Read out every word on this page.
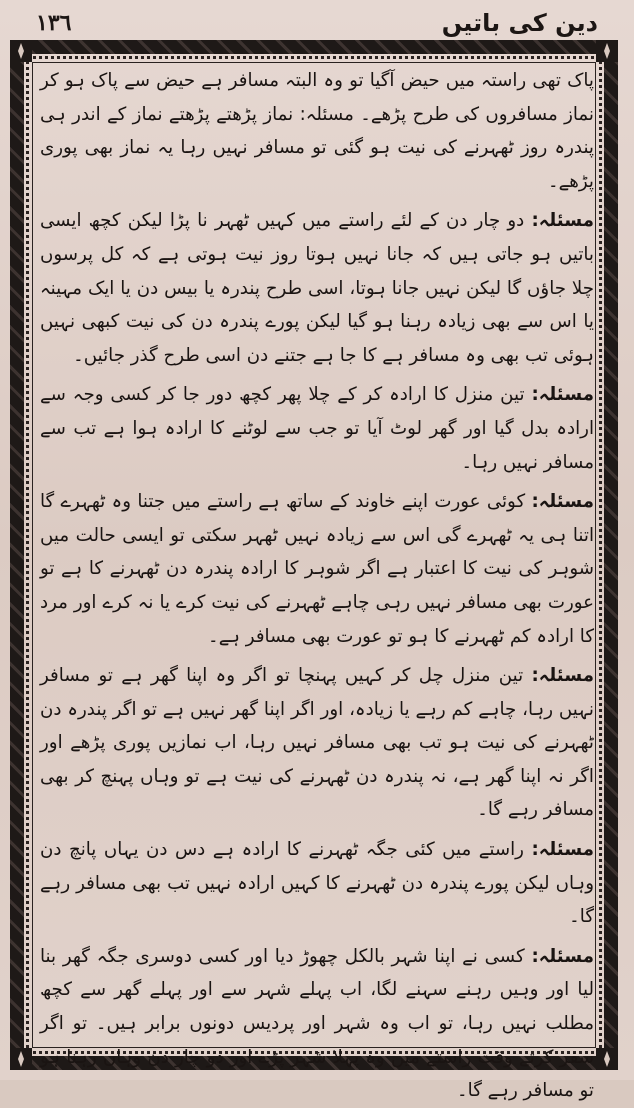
١٣٦	دین کی باتیں

پاک تھی راستہ میں حیض آگیا تو وہ البتہ مسافر ہے حیض سے پاک ہو کر نماز مسافروں کی طرح پڑھے۔ مسئلہ: نماز پڑھتے پڑھتے نماز کے اندر ہی پندرہ روز ٹھہرنے کی نیت ہو گئی تو مسافر نہیں رہا یہ نماز بھی پوری پڑھے۔

مسئلہ: دو چار دن کے لئے راستے میں کہیں ٹھہر نا پڑا لیکن کچھ ایسی باتیں ہو جاتی ہیں کہ جانا نہیں ہوتا روز نیت ہوتی ہے کہ کل پرسوں چلا جاؤں گا لیکن نہیں جانا ہوتا، اسی طرح پندرہ یا بیس دن یا ایک مہینہ یا اس سے بھی زیادہ رہنا ہو گیا لیکن پورے پندرہ دن کی نیت کبھی نہیں ہوئی تب بھی وہ مسافر ہے کا جا ہے جتنے دن اسی طرح گذر جائیں۔

مسئلہ: تین منزل کا ارادہ کر کے چلا پھر کچھ دور جا کر کسی وجہ سے ارادہ بدل گیا اور گھر لوٹ آیا تو جب سے لوٹنے کا ارادہ ہوا ہے تب سے مسافر نہیں رہا۔

مسئلہ: کوئی عورت اپنے خاوند کے ساتھ ہے راستے میں جتنا وہ ٹھہرے گا اتنا ہی یہ ٹھہرے گی اس سے زیادہ نہیں ٹھہر سکتی تو ایسی حالت میں شوہر کی نیت کا اعتبار ہے اگر شوہر کا ارادہ پندرہ دن ٹھہرنے کا ہے تو عورت بھی مسافر نہیں رہی چاہے ٹھہرنے کی نیت کرے یا نہ کرے اور مرد کا ارادہ کم ٹھہرنے کا ہو تو عورت بھی مسافر ہے۔

مسئلہ: تین منزل چل کر کہیں پہنچا تو اگر وہ اپنا گھر ہے تو مسافر نہیں رہا، چاہے کم رہے یا زیادہ، اور اگر اپنا گھر نہیں ہے تو اگر پندرہ دن ٹھہرنے کی نیت ہو تب بھی مسافر نہیں رہا، اب نمازیں پوری پڑھے اور اگر نہ اپنا گھر ہے، نہ پندرہ دن ٹھہرنے کی نیت ہے تو وہاں پہنچ کر بھی مسافر رہے گا۔

مسئلہ: راستے میں کئی جگہ ٹھہرنے کا ارادہ ہے دس دن یہاں پانچ دن وہاں لیکن پورے پندرہ دن ٹھہرنے کا کہیں ارادہ نہیں تب بھی مسافر رہے گا۔

مسئلہ: کسی نے اپنا شہر بالکل چھوڑ دیا اور کسی دوسری جگہ گھر بنا لیا اور وہیں رہنے سہنے لگا، اب پہلے شہر سے اور پہلے گھر سے کچھ مطلب نہیں رہا، تو اب وہ شہر اور پردیس دونوں برابر ہیں۔ تو اگر سفر کرتے وقت راستے میں وہ پہلا شہر پڑے اور دو چار دن وہاں رہنا ہو تو مسافر رہے گا۔
